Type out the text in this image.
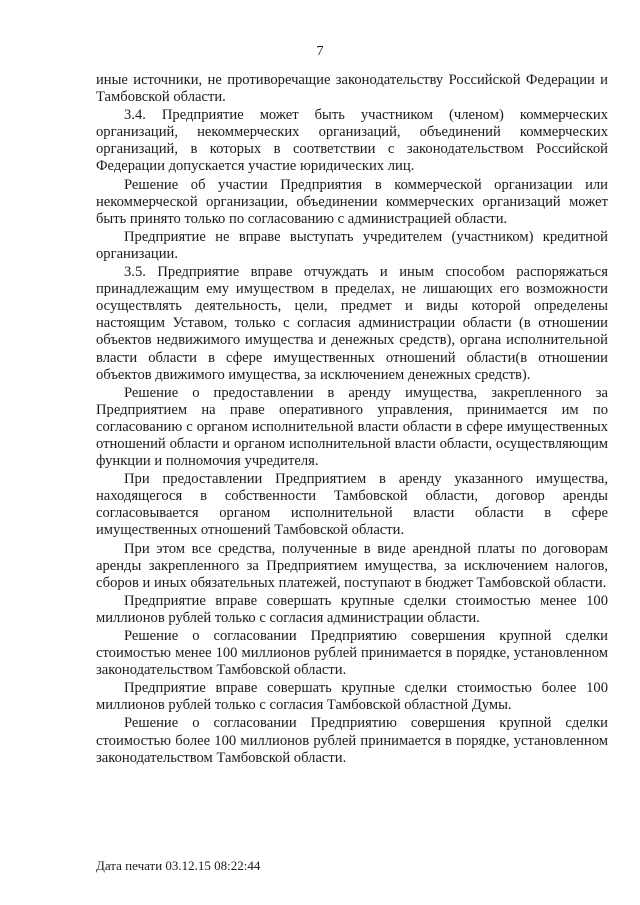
7

иные источники, не противоречащие законодательству Российской Федерации и Тамбовской области.

3.4. Предприятие может быть участником (членом) коммерческих организаций, некоммерческих организаций, объединений коммерческих организаций, в которых в соответствии с законодательством Российской Федерации допускается участие юридических лиц.

Решение об участии Предприятия в коммерческой организации или некоммерческой организации, объединении коммерческих организаций может быть принято только по согласованию с администрацией области.

Предприятие не вправе выступать учредителем (участником) кредитной организации.

3.5. Предприятие вправе отчуждать и иным способом распоряжаться принадлежащим ему имуществом в пределах, не лишающих его возможности осуществлять деятельность, цели, предмет и виды которой определены настоящим Уставом, только с согласия администрации области (в отношении объектов недвижимого имущества и денежных средств), органа исполнительной власти области в сфере имущественных отношений области(в отношении объектов движимого имущества, за исключением денежных средств).

Решение о предоставлении в аренду имущества, закрепленного за Предприятием на праве оперативного управления, принимается им по согласованию с органом исполнительной власти области в сфере имущественных отношений области и органом исполнительной власти области, осуществляющим функции и полномочия учредителя.

При предоставлении Предприятием в аренду указанного имущества, находящегося в собственности Тамбовской области, договор аренды согласовывается органом исполнительной власти области в сфере имущественных отношений Тамбовской области.

При этом все средства, полученные в виде арендной платы по договорам аренды закрепленного за Предприятием имущества, за исключением налогов, сборов и иных обязательных платежей, поступают в бюджет Тамбовской области.

Предприятие вправе совершать крупные сделки стоимостью менее 100 миллионов рублей только с согласия администрации области.

Решение о согласовании Предприятию совершения крупной сделки стоимостью менее 100 миллионов рублей принимается в порядке, установленном законодательством Тамбовской области.

Предприятие вправе совершать крупные сделки стоимостью более 100 миллионов рублей только с согласия Тамбовской областной Думы.

Решение о согласовании Предприятию совершения крупной сделки стоимостью более 100 миллионов рублей принимается в порядке, установленном законодательством Тамбовской области.

Дата печати 03.12.15 08:22:44
